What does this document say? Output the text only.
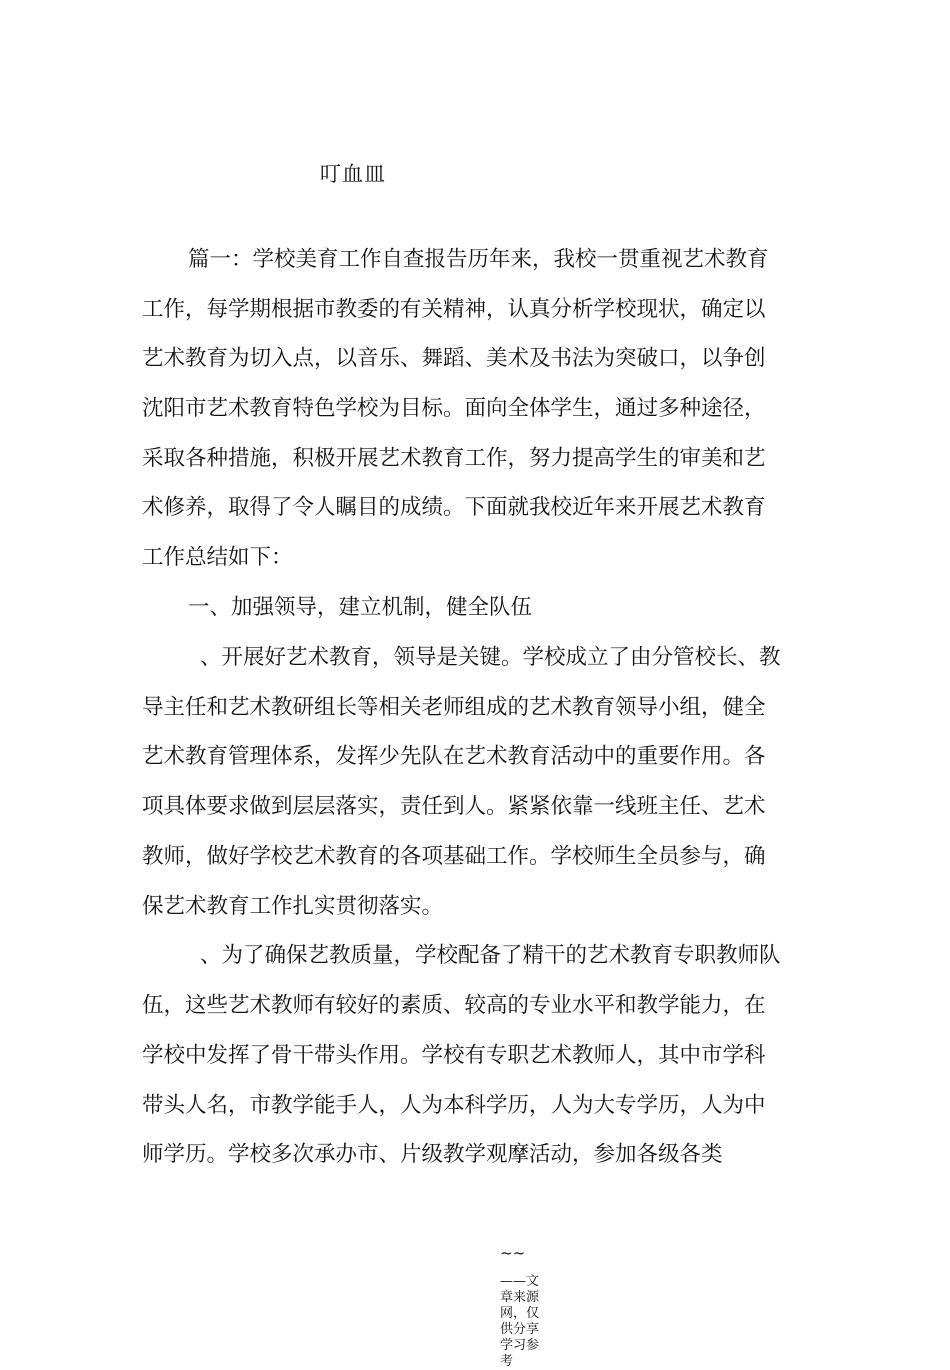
叮血皿
篇一：学校美育工作自查报告历年来，我校一贯重视艺术教育
工作，每学期根据市教委的有关精神，认真分析学校现状，确定以
艺术教育为切入点，以音乐、舞蹈、美术及书法为突破口，以争创
沈阳市艺术教育特色学校为目标。面向全体学生，通过多种途径，
采取各种措施，积极开展艺术教育工作，努力提高学生的审美和艺
术修养，取得了令人瞩目的成绩。下面就我校近年来开展艺术教育
工作总结如下：
一、加强领导，建立机制，健全队伍
、开展好艺术教育，领导是关键。学校成立了由分管校长、教
导主任和艺术教研组长等相关老师组成的艺术教育领导小组，健全
艺术教育管理体系，发挥少先队在艺术教育活动中的重要作用。各
项具体要求做到层层落实，责任到人。紧紧依靠一线班主任、艺术
教师，做好学校艺术教育的各项基础工作。学校师生全员参与，确
保艺术教育工作扎实贯彻落实。
、为了确保艺教质量，学校配备了精干的艺术教育专职教师队
伍，这些艺术教师有较好的素质、较高的专业水平和教学能力，在
学校中发挥了骨干带头作用。学校有专职艺术教师人，其中市学科
带头人名，市教学能手人，人为本科学历，人为大专学历，人为中
师学历。学校多次承办市、片级教学观摩活动，参加各级各类
~~
——文章来源网，仅供分享学习参考
